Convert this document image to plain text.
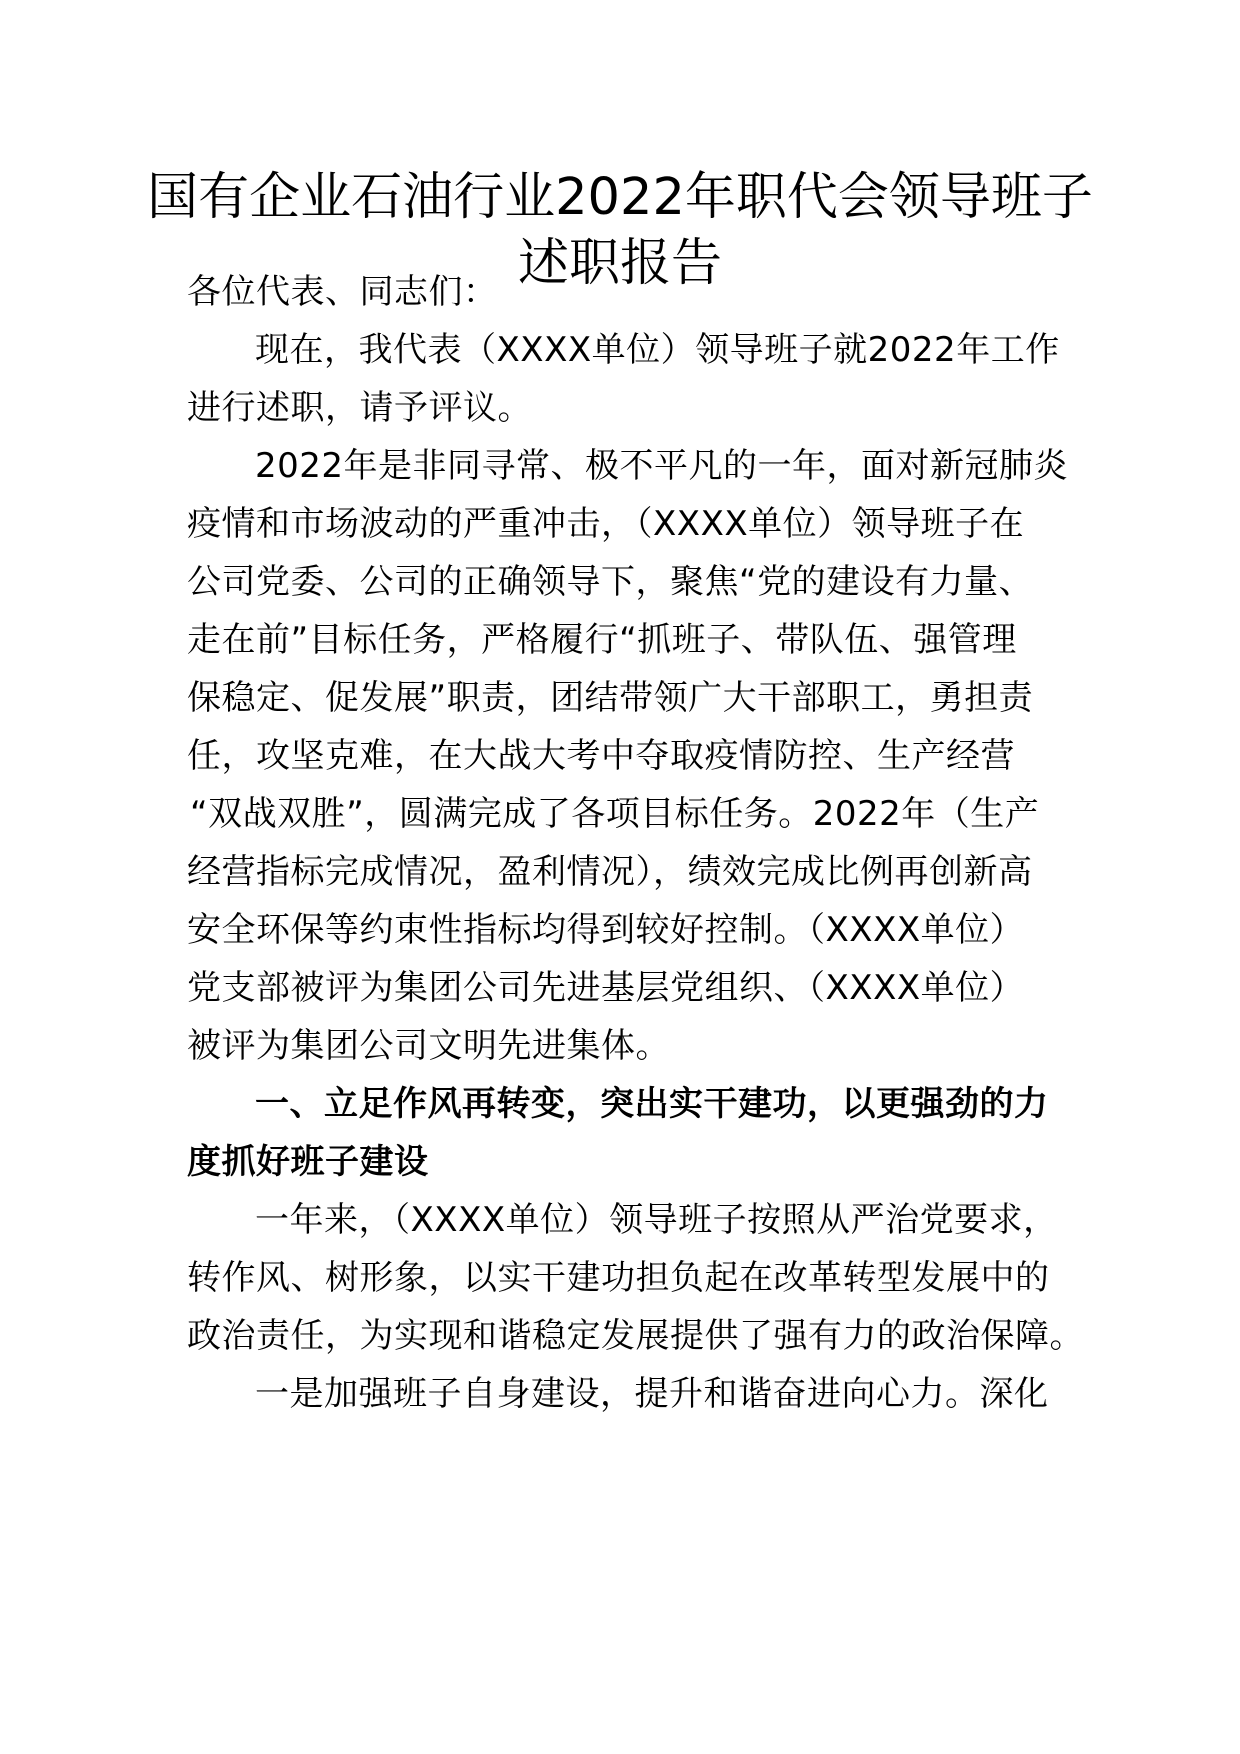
国有企业石油行业2022年职代会领导班子
述职报告
各位代表、同志们：
现在，我代表（XXXX单位）领导班子就2022年工作
进行述职，请予评议。
2022年是非同寻常、极不平凡的一年，面对新冠肺炎
疫情和市场波动的严重冲击，（XXXX单位）领导班子在
公司党委、公司的正确领导下，聚焦“党的建设有力量、
走在前”目标任务，严格履行“抓班子、带队伍、强管理
保稳定、促发展”职责，团结带领广大干部职工，勇担责
任，攻坚克难，在大战大考中夺取疫情防控、生产经营
“双战双胜”，圆满完成了各项目标任务。2022年（生产
经营指标完成情况，盈利情况），绩效完成比例再创新高
安全环保等约束性指标均得到较好控制。（XXXX单位）
党支部被评为集团公司先进基层党组织、（XXXX单位）
被评为集团公司文明先进集体。
一、立足作风再转变，突出实干建功，以更强劲的力
度抓好班子建设
一年来，（XXXX单位）领导班子按照从严治党要求，
转作风、树形象，以实干建功担负起在改革转型发展中的
政治责任，为实现和谐稳定发展提供了强有力的政治保障。
一是加强班子自身建设，提升和谐奋进向心力。深化
